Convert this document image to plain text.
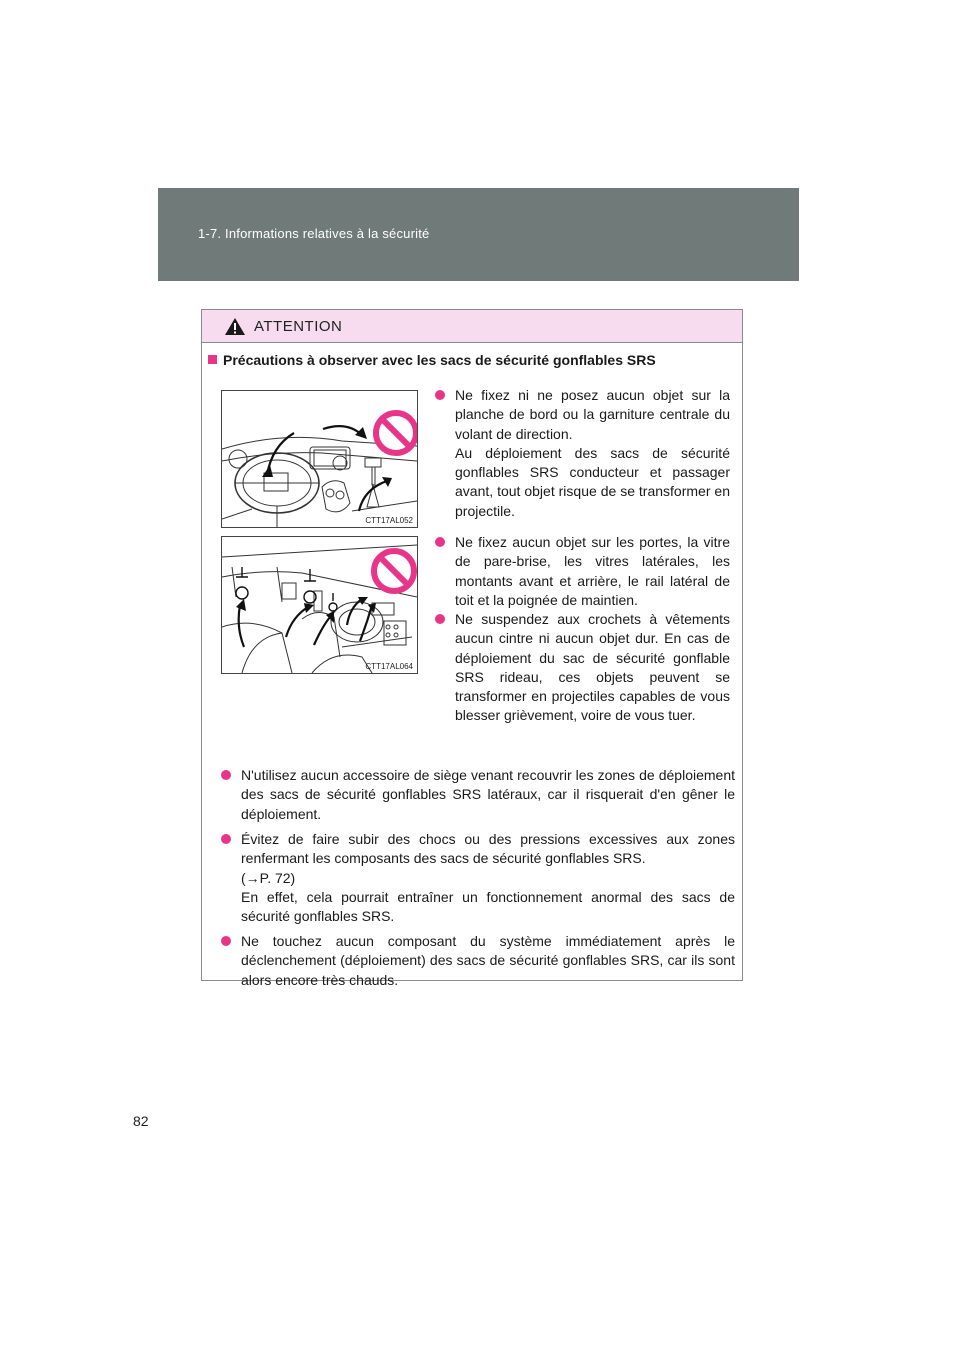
1-7. Informations relatives à la sécurité
ATTENTION
Précautions à observer avec les sacs de sécurité gonflables SRS
CTT17AL052
CTT17AL064
Ne fixez ni ne posez aucun objet sur la planche de bord ou la garniture centrale du volant de direction.
Au déploiement des sacs de sécurité gonflables SRS conducteur et passager avant, tout objet risque de se transformer en projectile.
Ne fixez aucun objet sur les portes, la vitre de pare-brise, les vitres latérales, les montants avant et arrière, le rail latéral de toit et la poignée de maintien.
Ne suspendez aux crochets à vêtements aucun cintre ni aucun objet dur. En cas de déploiement du sac de sécurité gonflable SRS rideau, ces objets peuvent se transformer en projectiles capables de vous blesser grièvement, voire de vous tuer.
N'utilisez aucun accessoire de siège venant recouvrir les zones de déploiement des sacs de sécurité gonflables SRS latéraux, car il risquerait d'en gêner le déploiement.
Évitez de faire subir des chocs ou des pressions excessives aux zones renfermant les composants des sacs de sécurité gonflables SRS.
(→P. 72)
En effet, cela pourrait entraîner un fonctionnement anormal des sacs de sécurité gonflables SRS.
Ne touchez aucun composant du système immédiatement après le déclenchement (déploiement) des sacs de sécurité gonflables SRS, car ils sont alors encore très chauds.
82
